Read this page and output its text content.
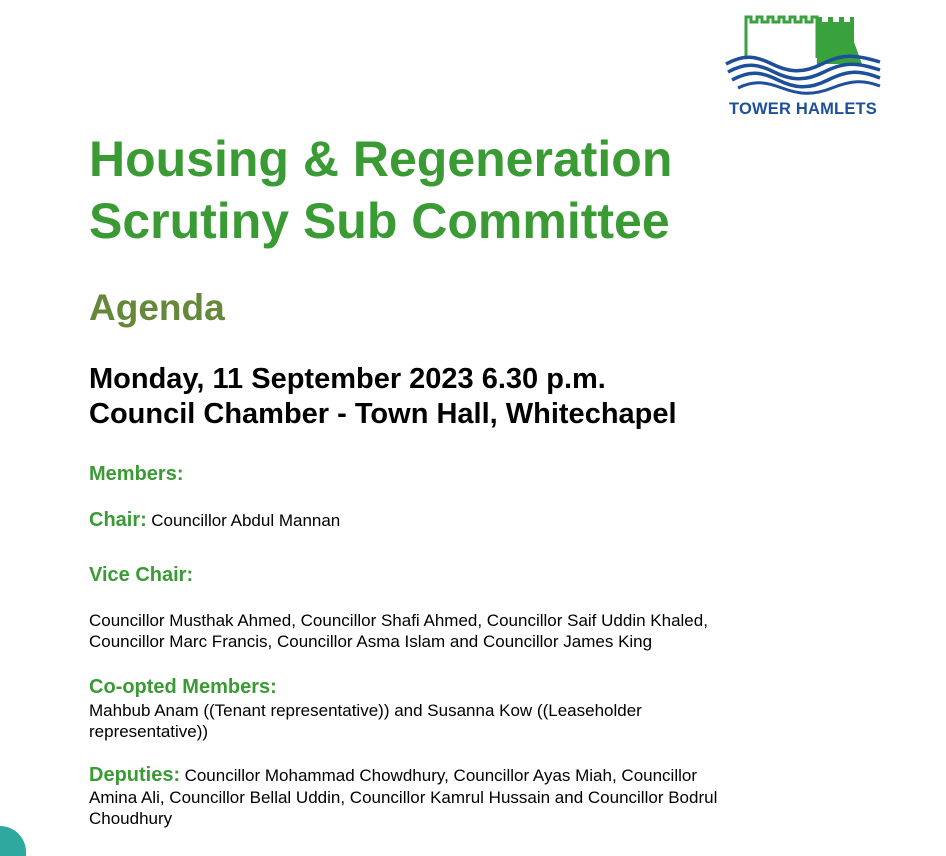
TOWER HAMLETS
Housing & Regeneration
Scrutiny Sub Committee
Agenda
Monday, 11 September 2023 6.30 p.m.
Council Chamber - Town Hall, Whitechapel
Members:
Chair: Councillor Abdul Mannan
Vice Chair:
Councillor Musthak Ahmed, Councillor Shafi Ahmed, Councillor Saif Uddin Khaled,
Councillor Marc Francis, Councillor Asma Islam and Councillor James King
Co-opted Members:
Mahbub Anam ((Tenant representative)) and Susanna Kow ((Leaseholder
representative))
Deputies: Councillor Mohammad Chowdhury, Councillor Ayas Miah, Councillor
Amina Ali, Councillor Bellal Uddin, Councillor Kamrul Hussain and Councillor Bodrul
Choudhury
